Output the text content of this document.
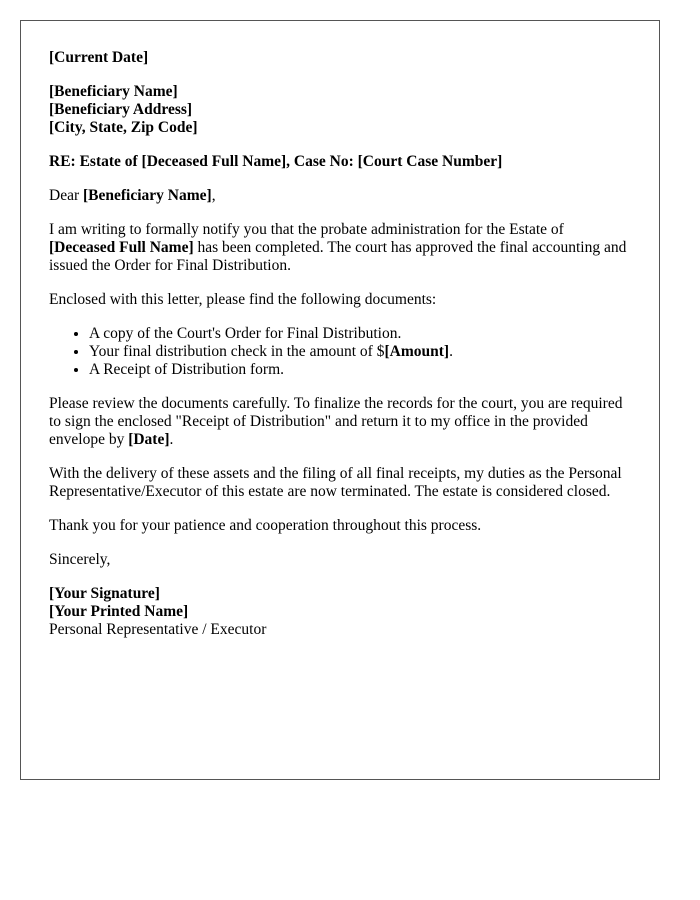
[Current Date]

[Beneficiary Name]

[Beneficiary Address]

[City, State, Zip Code]

RE: Estate of [Deceased Full Name], Case No: [Court Case Number]

Dear [Beneficiary Name],

I am writing to formally notify you that the probate administration for the Estate of [Deceased Full Name] has been completed. The court has approved the final accounting and issued the Order for Final Distribution.

Enclosed with this letter, please find the following documents:

• A copy of the Court's Order for Final Distribution.
• Your final distribution check in the amount of $[Amount].
• A Receipt of Distribution form.

Please review the documents carefully. To finalize the records for the court, you are required to sign the enclosed "Receipt of Distribution" and return it to my office in the provided envelope by [Date].

With the delivery of these assets and the filing of all final receipts, my duties as the Personal Representative/Executor of this estate are now terminated. The estate is considered closed.

Thank you for your patience and cooperation throughout this process.

Sincerely,

[Your Signature]

[Your Printed Name]

Personal Representative / Executor
